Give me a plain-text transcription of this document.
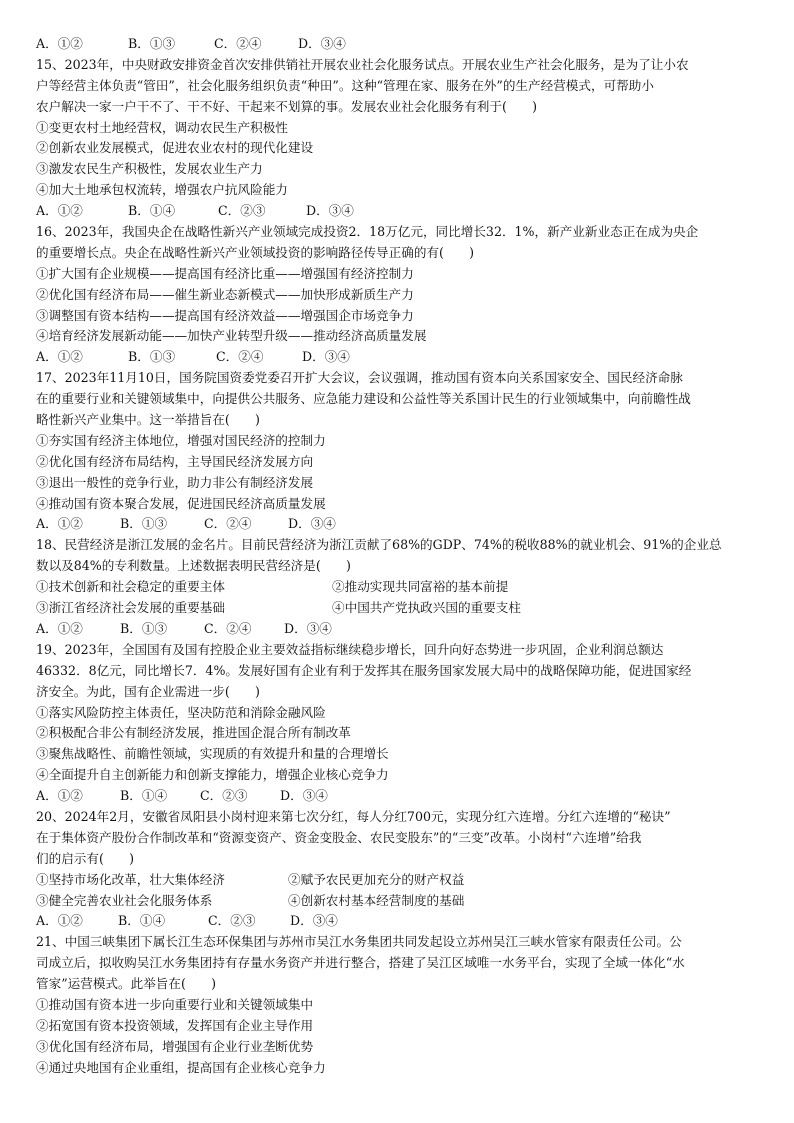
A．①②	B．①③	C．②④	D．③④
15、2023年，中央财政安排资金首次安排供销社开展农业社会化服务试点。开展农业生产社会化服务，是为了让小农
户等经营主体负责“管田”，社会化服务组织负责“种田”。这种“管理在家、服务在外”的生产经营模式，可帮助小
农户解决一家一户干不了、干不好、干起来不划算的事。发展农业社会化服务有利于(　　)
①变更农村土地经营权，调动农民生产积极性
②创新农业发展模式，促进农业农村的现代化建设
③激发农民生产积极性，发展农业生产力
④加大土地承包权流转，增强农户抗风险能力
A．①②	B．①④	C．②③	D．③④
16、2023年，我国央企在战略性新兴产业领域完成投资2．18万亿元，同比增长32．1%，新产业新业态正在成为央企
的重要增长点。央企在战略性新兴产业领域投资的影响路径传导正确的有(　　)
①扩大国有企业规模——提高国有经济比重——增强国有经济控制力
②优化国有经济布局——催生新业态新模式——加快形成新质生产力
③调整国有资本结构——提高国有经济效益——增强国企市场竞争力
④培育经济发展新动能——加快产业转型升级——推动经济高质量发展
A．①②	B．①③	C．②④	D．③④
17、2023年11月10日，国务院国资委党委召开扩大会议，会议强调，推动国有资本向关系国家安全、国民经济命脉
在的重要行业和关键领域集中，向提供公共服务、应急能力建设和公益性等关系国计民生的行业领域集中，向前瞻性战
略性新兴产业集中。这一举措旨在(　　)
①夯实国有经济主体地位，增强对国民经济的控制力
②优化国有经济布局结构，主导国民经济发展方向
③退出一般性的竞争行业，助力非公有制经济发展
④推动国有资本聚合发展，促进国民经济高质量发展
A．①②	B．①③	C．②④	D．③④
18、民营经济是浙江发展的金名片。目前民营经济为浙江贡献了68%的GDP、74%的税收88%的就业机会、91%的企业总
数以及84%的专利数量。上述数据表明民营经济是(　　)
①技术创新和社会稳定的重要主体	②推动实现共同富裕的基本前提
③浙江省经济社会发展的重要基础	④中国共产党执政兴国的重要支柱
A．①②	B．①③	C．②④	D．③④
19、2023年，全国国有及国有控股企业主要效益指标继续稳步增长，回升向好态势进一步巩固，企业利润总额达
46332．8亿元，同比增长7．4%。发展好国有企业有利于发挥其在服务国家发展大局中的战略保障功能，促进国家经
济安全。为此，国有企业需进一步(　　)
①落实风险防控主体责任，坚决防范和消除金融风险
②积极配合非公有制经济发展，推进国企混合所有制改革
③聚焦战略性、前瞻性领域，实现质的有效提升和量的合理增长
④全面提升自主创新能力和创新支撑能力，增强企业核心竞争力
A．①②	B．①④	C．②③	D．③④
20、2024年2月，安徽省凤阳县小岗村迎来第七次分红，每人分红700元，实现分红六连增。分红六连增的“秘诀”
在于集体资产股份合作制改革和“资源变资产、资金变股金、农民变股东”的“三变”改革。小岗村“六连增”给我
们的启示有(　　)
①坚持市场化改革，壮大集体经济	②赋予农民更加充分的财产权益
③健全完善农业社会化服务体系	④创新农村基本经营制度的基础
A．①②	B．①④	C．②③	D．③④
21、中国三峡集团下属长江生态环保集团与苏州市吴江水务集团共同发起设立苏州吴江三峡水管家有限责任公司。公
司成立后，拟收购吴江水务集团持有存量水务资产并进行整合，搭建了吴江区域唯一水务平台，实现了全域一体化“水
管家”运营模式。此举旨在(　　)
①推动国有资本进一步向重要行业和关键领域集中
②拓宽国有资本投资领域，发挥国有企业主导作用
③优化国有经济布局，增强国有企业行业垄断优势
④通过央地国有企业重组，提高国有企业核心竞争力
